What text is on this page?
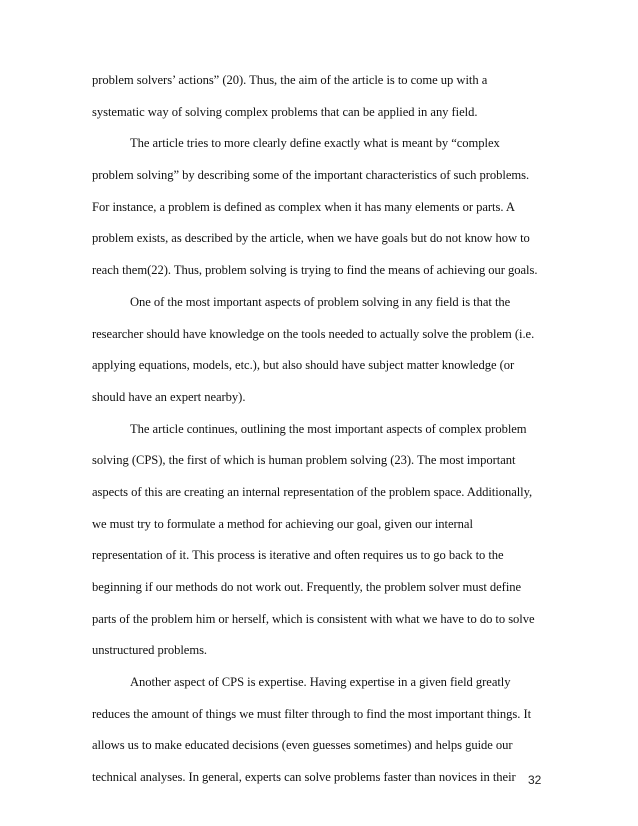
problem solvers’ actions” (20). Thus, the aim of the article is to come up with a
systematic way of solving complex problems that can be applied in any field.
The article tries to more clearly define exactly what is meant by “complex
problem solving” by describing some of the important characteristics of such problems.
For instance, a problem is defined as complex when it has many elements or parts. A
problem exists, as described by the article, when we have goals but do not know how to
reach them(22). Thus, problem solving is trying to find the means of achieving our goals.
One of the most important aspects of problem solving in any field is that the
researcher should have knowledge on the tools needed to actually solve the problem (i.e.
applying equations, models, etc.), but also should have subject matter knowledge (or
should have an expert nearby).
The article continues, outlining the most important aspects of complex problem
solving (CPS), the first of which is human problem solving (23). The most important
aspects of this are creating an internal representation of the problem space. Additionally,
we must try to formulate a method for achieving our goal, given our internal
representation of it. This process is iterative and often requires us to go back to the
beginning if our methods do not work out. Frequently, the problem solver must define
parts of the problem him or herself, which is consistent with what we have to do to solve
unstructured problems.
Another aspect of CPS is expertise. Having expertise in a given field greatly
reduces the amount of things we must filter through to find the most important things. It
allows us to make educated decisions (even guesses sometimes) and helps guide our
technical analyses. In general, experts can solve problems faster than novices in their	32
